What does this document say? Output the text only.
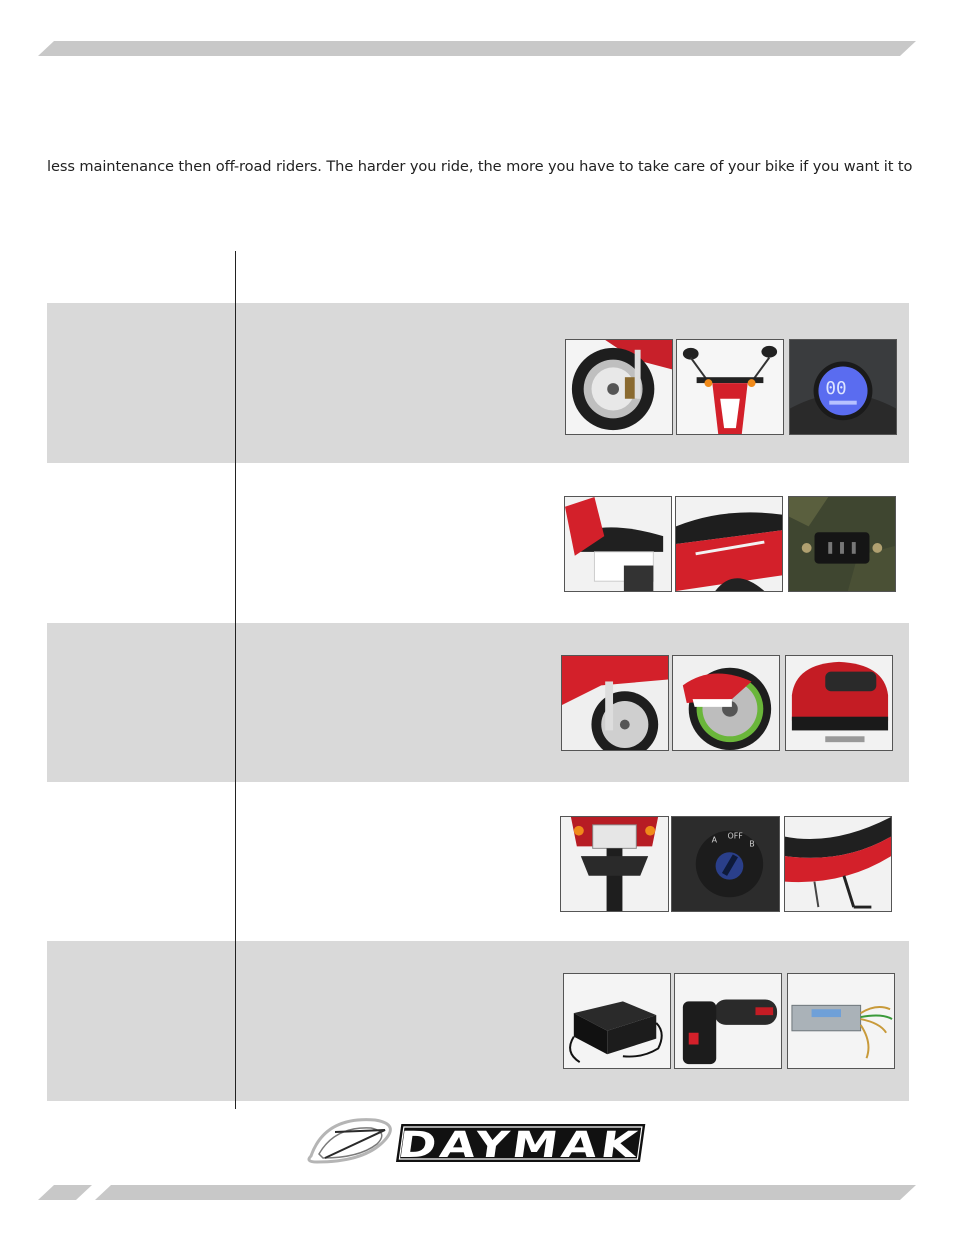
less maintenance then off-road riders. The harder you ride, the more you have to take care of your bike if you want it to
00
A OFF
B
DAYMAK
